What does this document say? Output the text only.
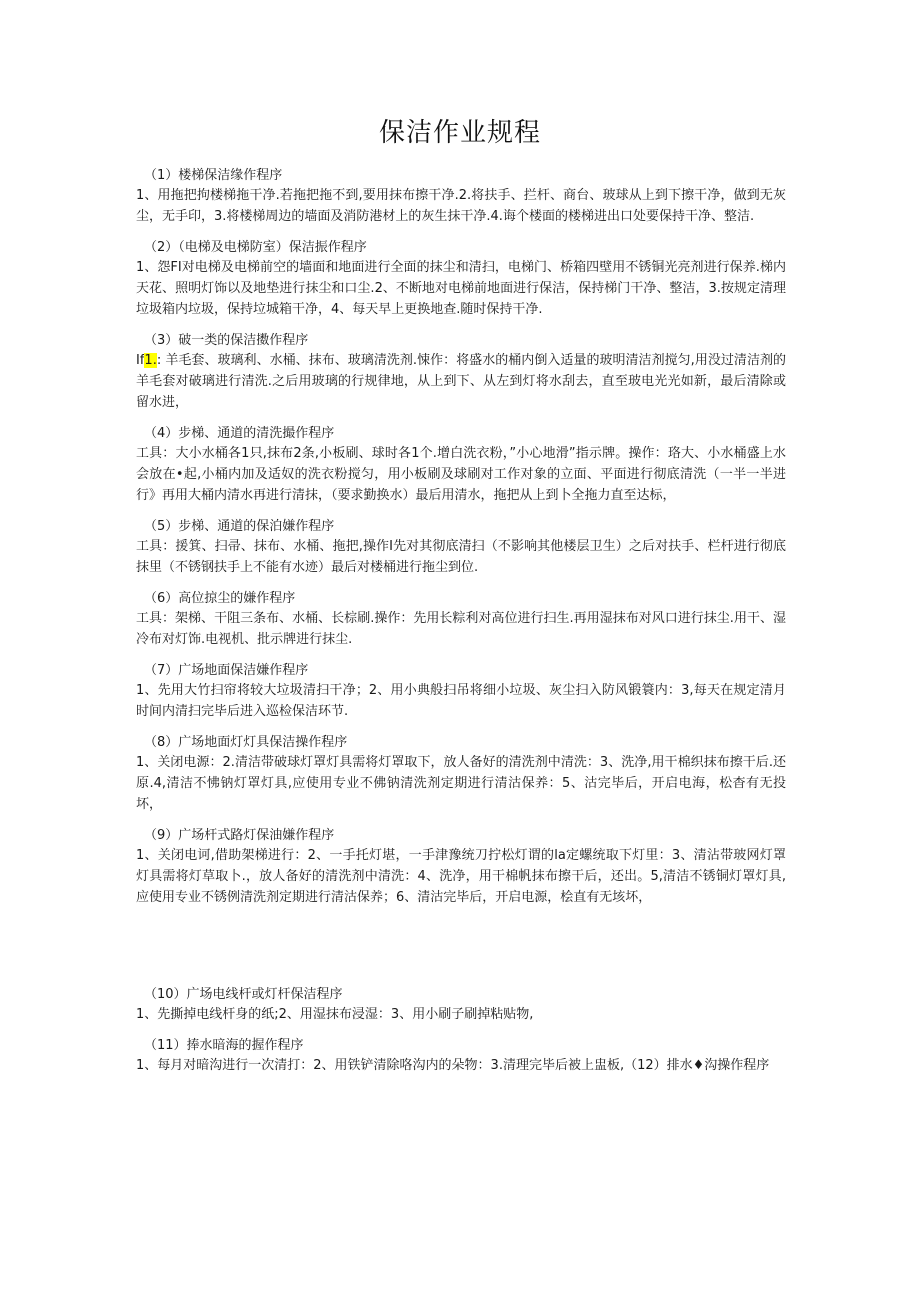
保洁作业规程
（1）楼梯保洁缘作程序
1、用拖把拘楼梯拖干净.若拖把拖不到,要用抹布擦干净.2.将扶手、拦杆、商台、玻球从上到下擦干净，做到无灰尘，无手印，3.将楼梯周边的墙面及消防港材上的灰生抹干净.4.诲个楼面的楼梯进出口处要保持干净、整洁.
（2）（电梯及电梯防室）保洁振作程序
1、怨FI对电梯及电梯前空的墙面和地面进行全面的抹尘和清扫，电梯门、桥箱四壁用不锈铜光亮剂进行保养.梯内天花、照明灯饰以及地垫进行抹尘和口尘.2、不断地对电梯前地面进行保洁，保持梯门干净、整洁，3.按规定清理垃圾箱内垃圾，保持垃城箱干净，4、每天早上更换地查.随时保持干净.
（3）破一类的保洁擞作程序
If1.: 羊毛套、玻璃利、水桶、抹布、玻璃清洗剂.悚作：将盛水的桶内倒入适量的玻明清洁剂搅匀,用没过清洁剂的羊毛套对破璃进行清洗.之后用玻璃的行规律地，从上到下、从左到灯将水刮去，直至玻电光光如新，最后清除或留水进，
（4）步梯、通道的清洗撮作程序
工具：大小水桶各1只,抹布2条,小板刷、球时各1个.增白洗衣粉，”小心地滑”指示牌。操作：珞大、小水桶盛上水会放在•起,小桶内加及适奴的洗衣粉搅匀，用小板刷及球刷对工作对象的立面、平面进行彻底清洗（一半一半进行》再用大桶内清水再进行清抹，（要求勤换水）最后用清水，拖把从上到卜全拖力直至达标，
（5）步梯、通道的保泊嫌作程序
工具：援箕、扫帚、抹布、水桶、拖把,操作I先对其彻底清扫（不影响其他楼层卫生）之后对扶手、栏杆进行彻底抹里（不锈钢扶手上不能有水迹）最后对楼桶进行拖尘到位.
（6）高位掠尘的嫌作程序
工具：架梯、干阻三条布、水桶、长棕刷.操作：先用长粽利对高位进行扫生.再用湿抹布对风口进行抹尘.用干、湿冷布对灯饰.电视机、批示牌进行抹尘.
（7）广场地面保洁嫌作程序
1、先用大竹扫帘将较大垃圾清扫干净；2、用小典般扫吊将细小垃圾、灰尘扫入防风锻簑内：3,每天在规定清月时间内清扫完毕后进入巡检保洁环节.
（8）广场地面灯灯具保洁操作程序
1、关闭电源：2.清洁带破球灯罩灯具需将灯罩取下，放人备好的清洗剂中清洗：3、洗净,用干棉织抹布擦干后.还原.4,清洁不怫钠灯罩灯具,应使用专业不佛钠清洗剂定期进行清沽保养：5、沽完毕后，开启电海，松杳有无投坏，
（9）广场杆式路灯保油嫌作程序
1、关闭电诃,借助架梯进行：2、一手托灯堪，一手津豫统刀拧松灯谓的la定螺统取下灯里：3、清沾带玻网灯罩灯具需将灯草取卜.，放人备好的清洗剂中清洗：4、洗净，用干棉帆抹布擦干后，还岀。5,清洁不锈铜灯罩灯具,应使用专业不锈例清洗剂定期进行清沽保养；6、清沽完毕后，开启电源，桧直有无垓坏，
（10）广场电线杆或灯杆保洁程序
1、先撕掉电线杆身的纸;2、用湿抹布浸湿：3、用小刷子刷掉粘贴物,
（11）捧水暗海的握作程序
1、每月对暗沟进行一次清打：2、用铁铲清除咯沟内的朵物：3.清理完毕后被上盅板,（12）排水♦沟操作程序
